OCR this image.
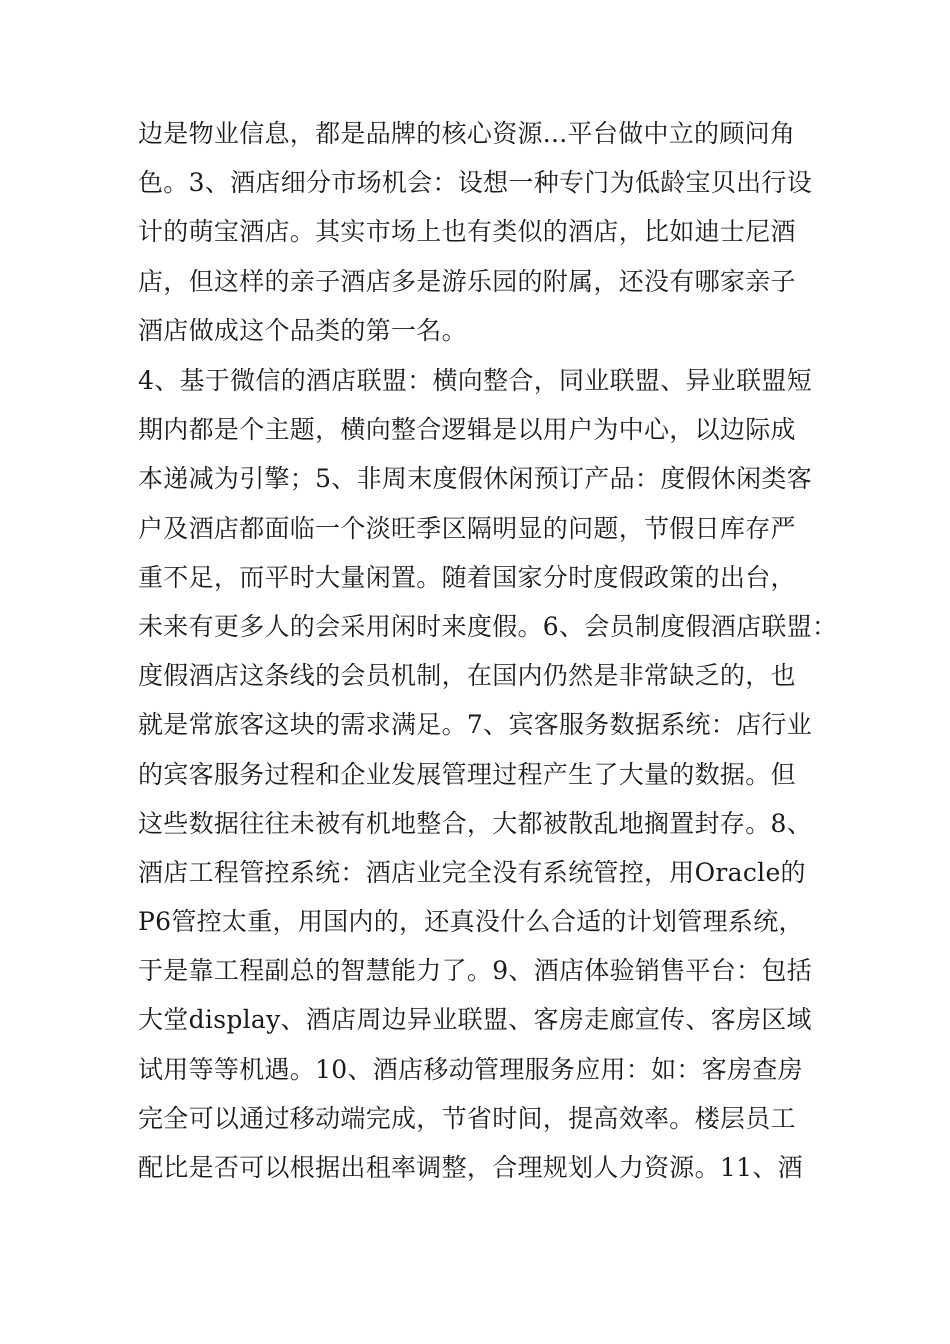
边是物业信息，都是品牌的核心资源...平台做中立的顾问角
色。3、酒店细分市场机会：设想一种专门为低龄宝贝出行设
计的萌宝酒店。其实市场上也有类似的酒店，比如迪士尼酒
店，但这样的亲子酒店多是游乐园的附属，还没有哪家亲子
酒店做成这个品类的第一名。

4、基于微信的酒店联盟：横向整合，同业联盟、异业联盟短
期内都是个主题，横向整合逻辑是以用户为中心，以边际成
本递减为引擎；5、非周末度假休闲预订产品：度假休闲类客
户及酒店都面临一个淡旺季区隔明显的问题，节假日库存严
重不足，而平时大量闲置。随着国家分时度假政策的出台，
未来有更多人的会采用闲时来度假。6、会员制度假酒店联盟：
度假酒店这条线的会员机制，在国内仍然是非常缺乏的，也
就是常旅客这块的需求满足。7、宾客服务数据系统：店行业
的宾客服务过程和企业发展管理过程产生了大量的数据。但
这些数据往往未被有机地整合，大都被散乱地搁置封存。8、
酒店工程管控系统：酒店业完全没有系统管控，用Oracle的
P6管控太重，用国内的，还真没什么合适的计划管理系统，
于是靠工程副总的智慧能力了。9、酒店体验销售平台：包括
大堂display、酒店周边异业联盟、客房走廊宣传、客房区域
试用等等机遇。10、酒店移动管理服务应用：如：客房查房
完全可以通过移动端完成，节省时间，提高效率。楼层员工
配比是否可以根据出租率调整，合理规划人力资源。11、酒
